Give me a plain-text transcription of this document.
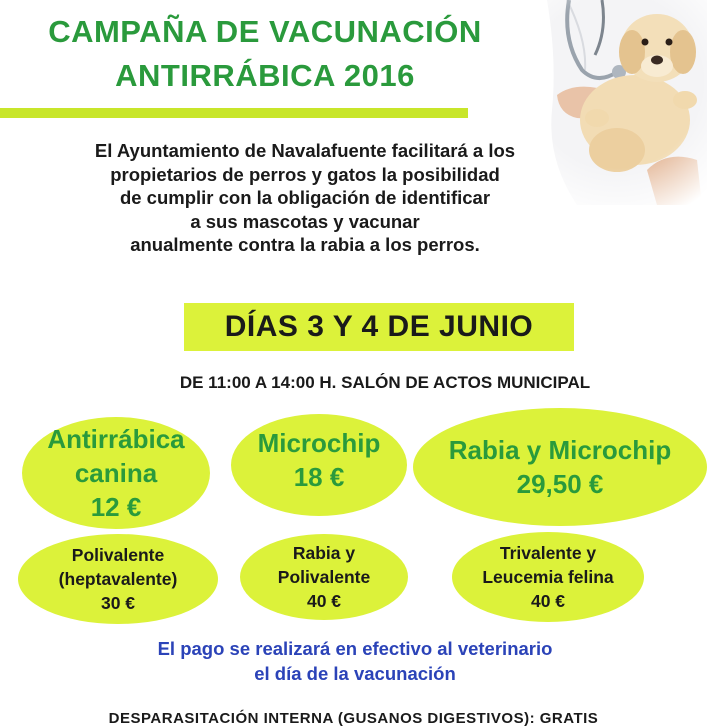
CAMPAÑA DE VACUNACIÓN
ANTIRRÁBICA 2016
El Ayuntamiento de Navalafuente facilitará a los
propietarios de perros y gatos la posibilidad
de cumplir con la obligación de identificar
a sus mascotas y vacunar
anualmente contra la rabia a los perros.
DÍAS 3 Y 4 DE JUNIO
DE 11:00 A 14:00 H. SALÓN DE ACTOS MUNICIPAL
Antirrábica
canina
12 €
Microchip
18 €
Rabia y Microchip
29,50 €
Polivalente
(heptavalente)
30 €
Rabia y
Polivalente
40 €
Trivalente y
Leucemia felina
40 €
El pago se realizará en efectivo al veterinario
el día de la vacunación
DESPARASITACIÓN INTERNA (GUSANOS DIGESTIVOS): GRATIS
